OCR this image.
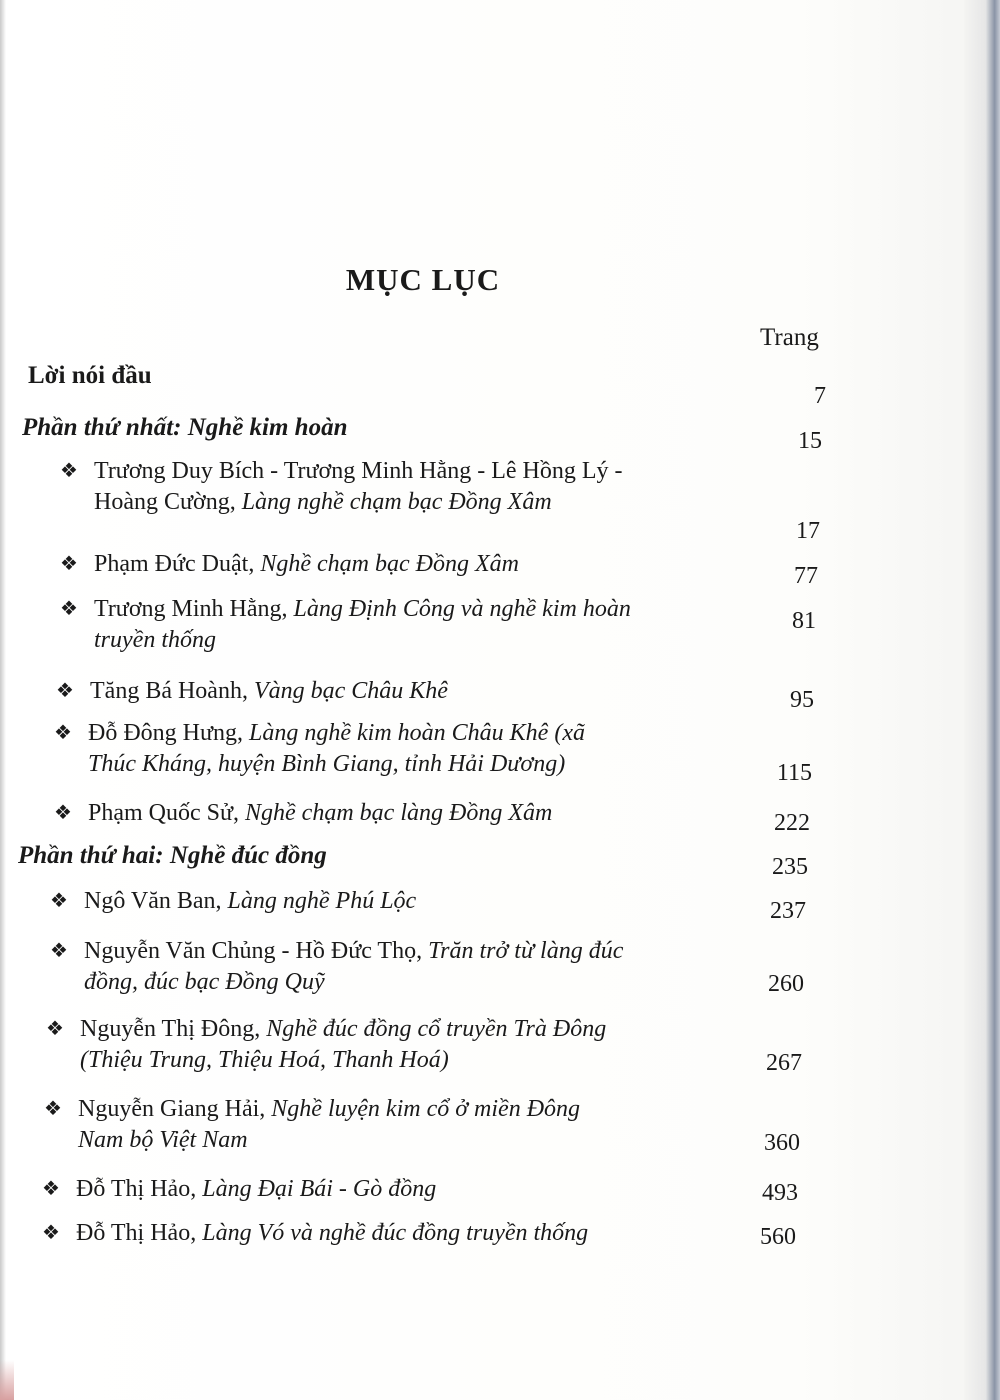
MỤC LỤC
Trang
Lời nói đầu
7
Phần thứ nhất: Nghề kim hoàn	15
❖ Trương Duy Bích - Trương Minh Hằng - Lê Hồng Lý -
Hoàng Cường, Làng nghề chạm bạc Đồng Xâm
17
❖ Phạm Đức Duật, Nghề chạm bạc Đồng Xâm	77
❖ Trương Minh Hằng, Làng Định Công và nghề kim hoàn
truyền thống
81
❖ Tăng Bá Hoành, Vàng bạc Châu Khê	95
❖ Đỗ Đông Hưng, Làng nghề kim hoàn Châu Khê (xã
Thúc Kháng, huyện Bình Giang, tỉnh Hải Dương)	115
❖ Phạm Quốc Sử, Nghề chạm bạc làng Đồng Xâm	222
Phần thứ hai: Nghề đúc đồng	235
❖ Ngô Văn Ban, Làng nghề Phú Lộc	237
❖ Nguyễn Văn Chủng - Hồ Đức Thọ, Trăn trở từ làng đúc
đồng, đúc bạc Đồng Quỹ	260
❖ Nguyễn Thị Đông, Nghề đúc đồng cổ truyền Trà Đông
(Thiệu Trung, Thiệu Hoá, Thanh Hoá)	267
❖ Nguyễn Giang Hải, Nghề luyện kim cổ ở miền Đông
Nam bộ Việt Nam	360
❖ Đỗ Thị Hảo, Làng Đại Bái - Gò đồng	493
❖ Đỗ Thị Hảo, Làng Vó và nghề đúc đồng truyền thống	560
